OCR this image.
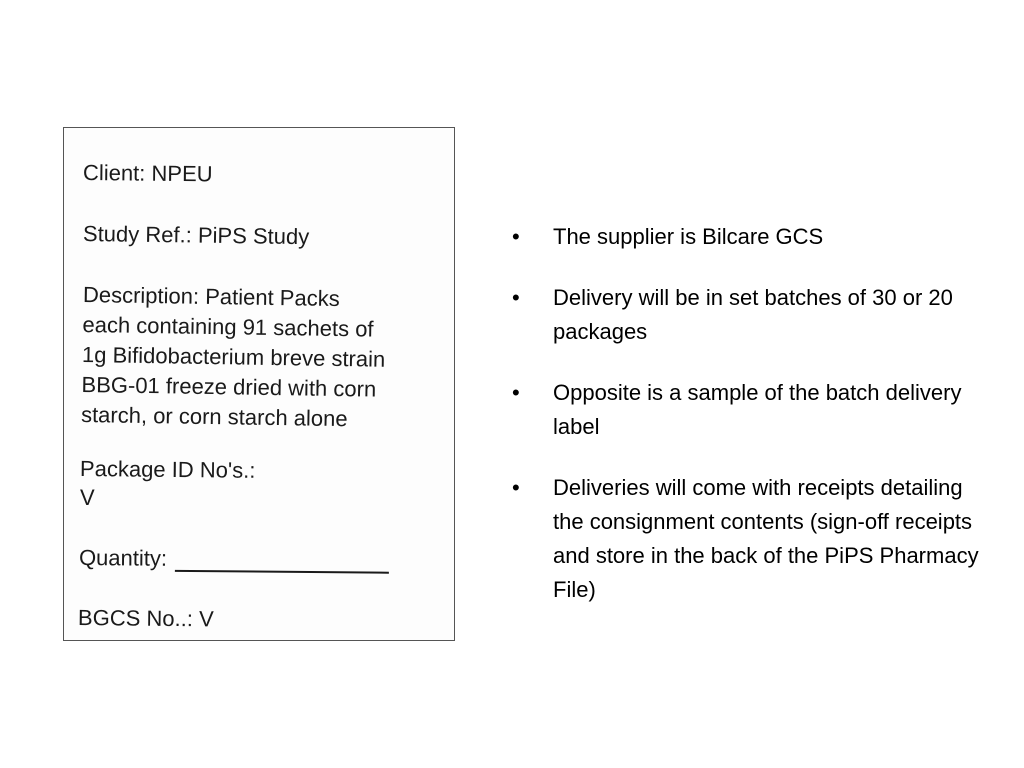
Client: NPEU
Study Ref.: PiPS Study
Description: Patient Packs
each containing 91 sachets of
1g Bifidobacterium breve strain
BBG-01 freeze dried with corn
starch, or corn starch alone
Package ID No's.:
V
Quantity:
BGCS No..: V
•	The supplier is Bilcare GCS
•	Delivery will be in set batches of 30 or 20 packages
•	Opposite is a sample of the batch delivery label
•	Deliveries will come with receipts detailing the consignment contents (sign-off receipts and store in the back of the PiPS Pharmacy File)
